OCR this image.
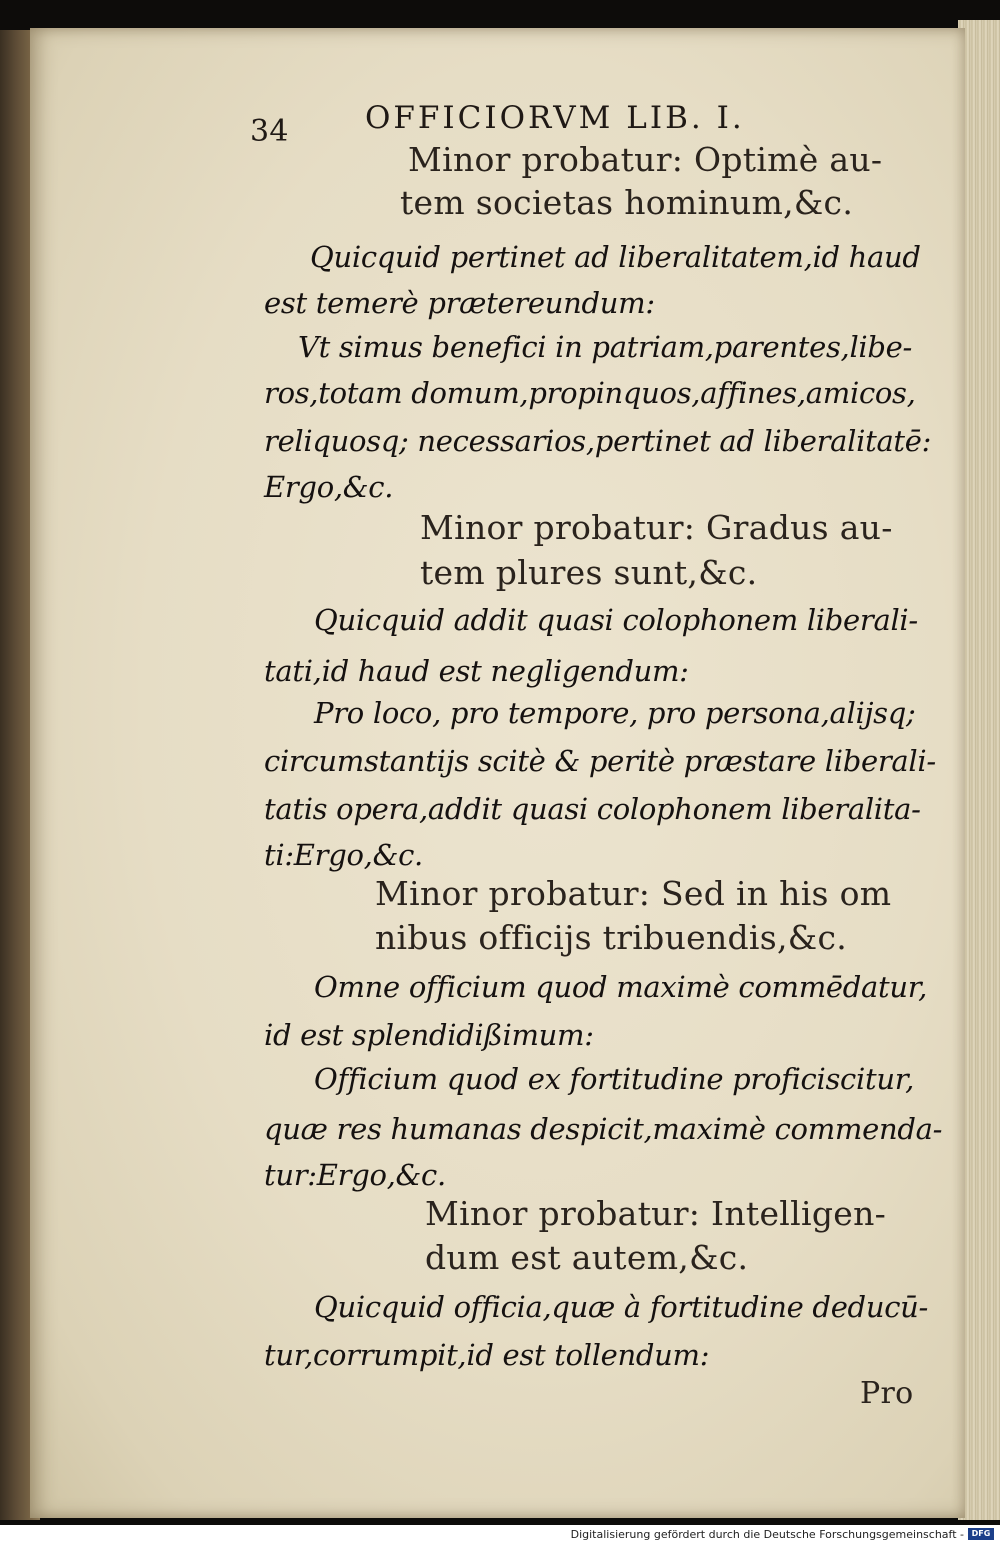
34 OFFICIORVM LIB. I.
Minor probatur: Optimè au-
tem societas hominum,&c.
Quicquid pertinet ad liberalitatem,id haud
est temerè prætereundum:
Vt simus benefici in patriam,parentes,libe-
ros,totam domum,propinquos,affines,amicos,
reliquosq; necessarios,pertinet ad liberalitatē:
Ergo,&c.
Minor probatur: Gradus au-
tem plures sunt,&c.
Quicquid addit quasi colophonem liberali-
tati,id haud est negligendum:
Pro loco, pro tempore, pro persona,alijsq;
circumstantijs scitè & peritè præstare liberali-
tatis opera,addit quasi colophonem liberalita-
ti:Ergo,&c.
Minor probatur: Sed in his om
nibus officijs tribuendis,&c.
Omne officium quod maximè commēdatur,
id est splendidißimum:
Officium quod ex fortitudine proficiscitur,
quæ res humanas despicit,maximè commenda-
tur:Ergo,&c.
Minor probatur: Intelligen-
dum est autem,&c.
Quicquid officia,quæ à fortitudine deducū-
tur,corrumpit,id est tollendum:
Pro
Digitalisierung gefördert durch die Deutsche Forschungsgemeinschaft - DFG
